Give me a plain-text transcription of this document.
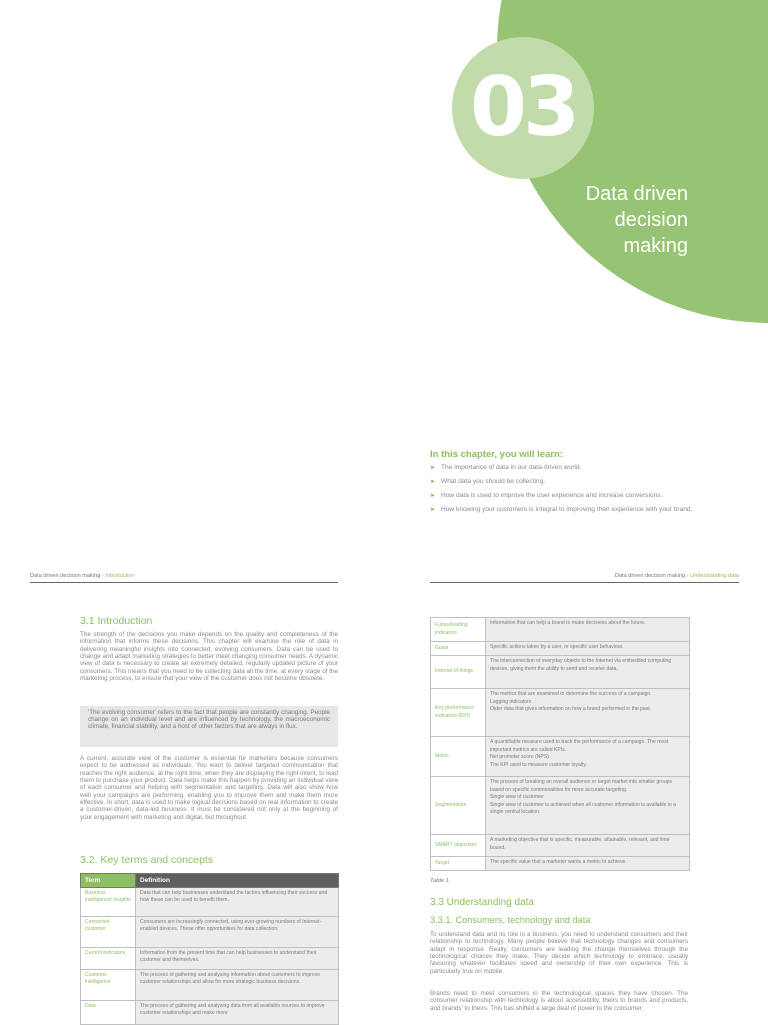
03
Data driven
decision
making
In this chapter, you will learn:
► The importance of data in our data-driven world.
► What data you should be collecting.
► How data is used to improve the user experience and increase conversions.
► How knowing your customers is integral to improving their experience with your brand.
Data driven decision making › Introduction
3.1 Introduction
The strength of the decisions you make depends on the quality and completeness of the information that informs these decisions. This chapter will examine the role of data in delivering meaningful insights into connected, evolving consumers. Data can be used to change and adapt marketing strategies to better meet changing consumer needs. A dynamic view of data is necessary to create an extremely detailed, regularly updated picture of your consumers. This means that you need to be collecting data all the time, at every stage of the marketing process, to ensure that your view of the customer does not become obsolete.
'The evolving consumer' refers to the fact that people are constantly changing. People change on an individual level and are influenced by technology, the macroeconomic climate, financial stability, and a host of other factors that are always in flux.
A current, accurate view of the customer is essential for marketers because consumers expect to be addressed as individuals. You want to deliver targeted communication that reaches the right audience, at the right time, when they are displaying the right intent, to lead them to purchase your product. Data helps make this happen by providing an individual view of each consumer and helping with segmentation and targeting. Data will also show how well your campaigns are performing, enabling you to improve them and make them more effective. In short, data is used to make logical decisions based on real information to create a customer-driven, data-led business. It must be considered not only at the beginning of your engagement with marketing and digital, but throughout.
3.2. Key terms and concepts
Term	Definition
Business intelligence/ insights	Data that can help businesses understand the factors influencing their success and how these can be used to benefit them.
Connected customer	Consumers are increasingly connected, using ever-growing numbers of Internet-enabled devices. These offer opportunities for data collection.
Current indicators	Information from the present time that can help businesses to understand their customer and themselves.
Customer intelligence	The process of gathering and analysing information about customers to improve customer relationships and allow for more strategic business decisions.
Data	The process of gathering and analysing data from all available sources to improve customer relationships and make more
Data driven decision making › Understanding data
Future/leading indicators	Information that can help a brand to make decisions about the future.
Goals	Specific actions taken by a user, or specific user behaviour.
Internet of things	The interconnection of everyday objects to the Internet via embedded computing devices, giving them the ability to send and receive data.
Key performance indicators (KPI)	The metrics that are examined to determine the success of a campaign.
Lagging indicators
Older data that gives information on how a brand performed in the past.
Metric	A quantifiable measure used to track the performance of a campaign. The most important metrics are called KPIs.
Net promoter score (NPS)
The KPI used to measure customer loyalty.
Segmentation	The process of breaking an overall audience or target market into smaller groups based on specific commonalities for more accurate targeting.
Single view of customer
Single view of customer is achieved when all customer information is available in a single central location.
SMART objectives	A marketing objective that is specific, measurable, attainable, relevant, and time bound.
Target	The specific value that a marketer wants a metric to achieve.
Table 1.
3.3 Understanding data
3.3.1. Consumers, technology and data
To understand data and its role in a business, you need to understand consumers and their relationship to technology. Many people believe that technology changes and consumers adapt in response. Really, consumers are leading the change themselves through the technological choices they make. They decide which technology to embrace, usually favouring whatever facilitates speed and ownership of their own experience. This is particularly true on mobile.
Brands need to meet consumers in the technological spaces they have chosen. The consumer relationship with technology is about accessibility, theirs to brands and products, and brands' to theirs. This has shifted a large deal of power to the consumer.
